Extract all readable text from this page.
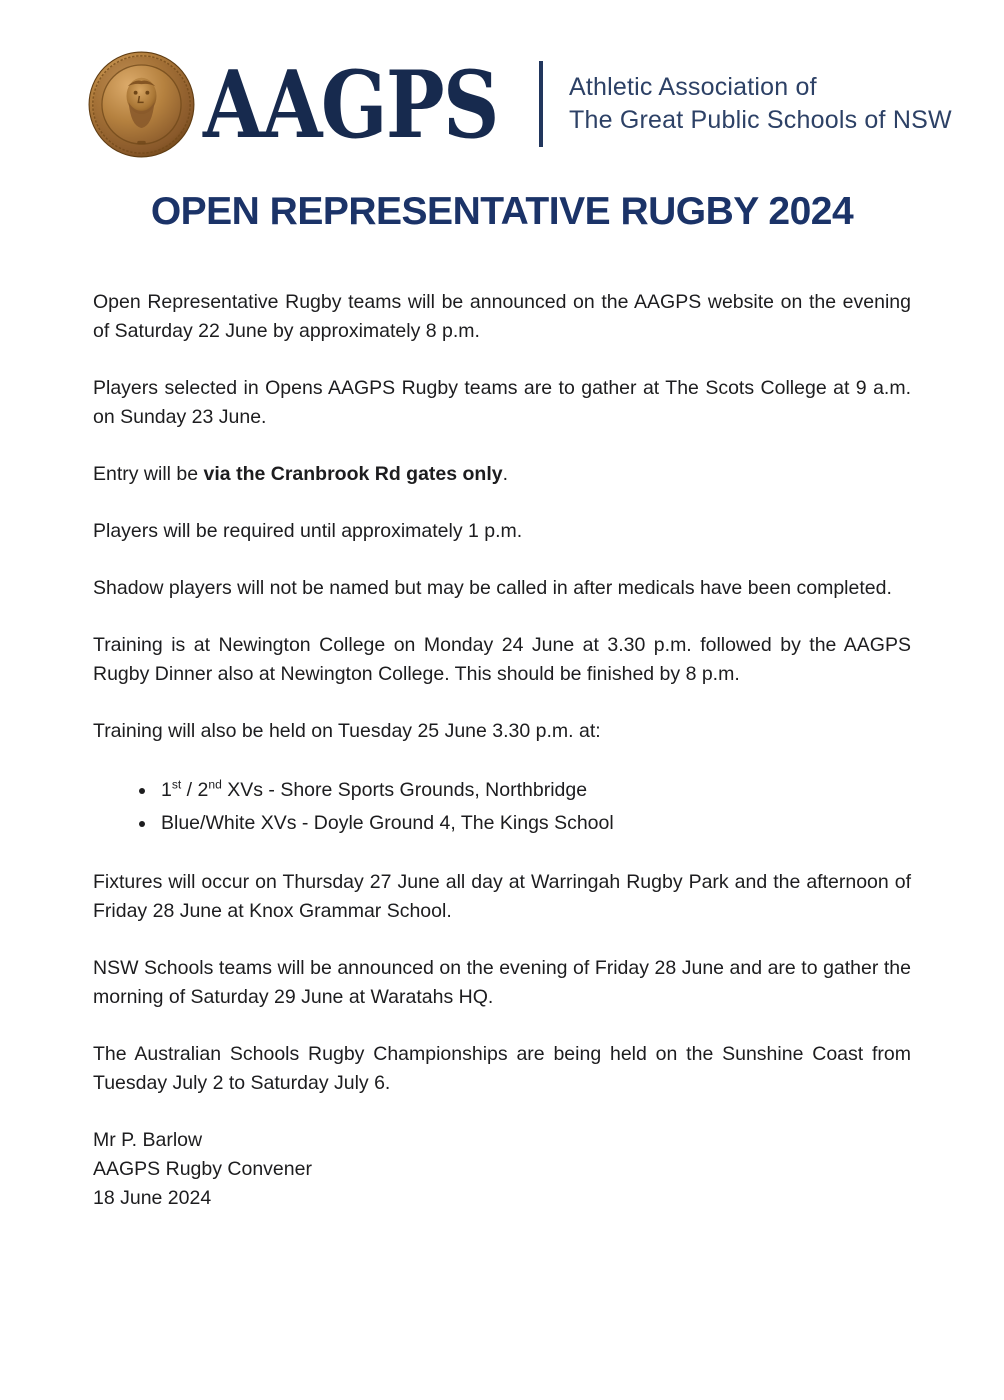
AAGPS	Athletic Association of
The Great Public Schools of NSW
OPEN REPRESENTATIVE RUGBY 2024

Open Representative Rugby teams will be announced on the AAGPS website on the evening of Saturday 22 June by approximately 8 p.m.

Players selected in Opens AAGPS Rugby teams are to gather at The Scots College at 9 a.m. on Sunday 23 June.

Entry will be via the Cranbrook Rd gates only.

Players will be required until approximately 1 p.m.

Shadow players will not be named but may be called in after medicals have been completed.

Training is at Newington College on Monday 24 June at 3.30 p.m. followed by the AAGPS Rugby Dinner also at Newington College. This should be finished by 8 p.m.

Training will also be held on Tuesday 25 June 3.30 p.m. at:

• 1st / 2nd XVs - Shore Sports Grounds, Northbridge
• Blue/White XVs - Doyle Ground 4, The Kings School

Fixtures will occur on Thursday 27 June all day at Warringah Rugby Park and the afternoon of Friday 28 June at Knox Grammar School.

NSW Schools teams will be announced on the evening of Friday 28 June and are to gather the morning of Saturday 29 June at Waratahs HQ.

The Australian Schools Rugby Championships are being held on the Sunshine Coast from Tuesday July 2 to Saturday July 6.

Mr P. Barlow
AAGPS Rugby Convener
18 June 2024
